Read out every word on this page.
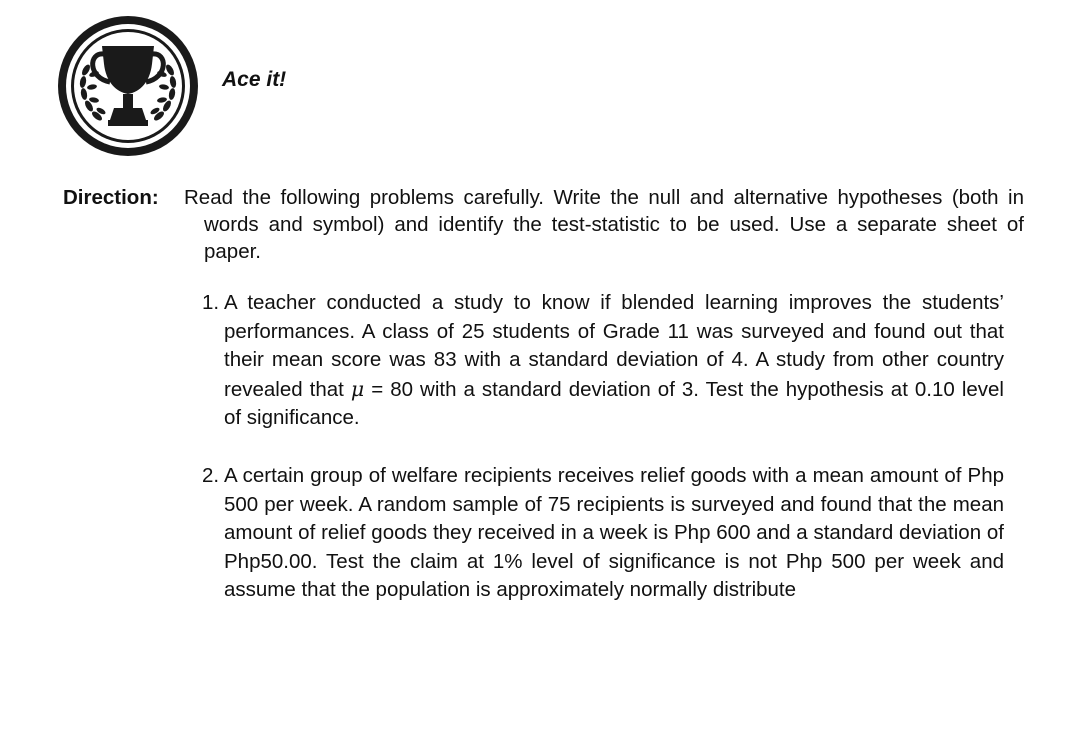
Ace it!
Direction: Read the following problems carefully. Write the null and alternative hypotheses (both in words and symbol) and identify the test-statistic to be used. Use a separate sheet of paper.
1. A teacher conducted a study to know if blended learning improves the students’ performances. A class of 25 students of Grade 11 was surveyed and found out that their mean score was 83 with a standard deviation of 4. A study from other country revealed that μ = 80 with a standard deviation of 3. Test the hypothesis at 0.10 level of significance.
2. A certain group of welfare recipients receives relief goods with a mean amount of Php 500 per week. A random sample of 75 recipients is surveyed and found that the mean amount of relief goods they received in a week is Php 600 and a standard deviation of Php50.00. Test the claim at 1% level of significance is not Php 500 per week and assume that the population is approximately normally distribute
